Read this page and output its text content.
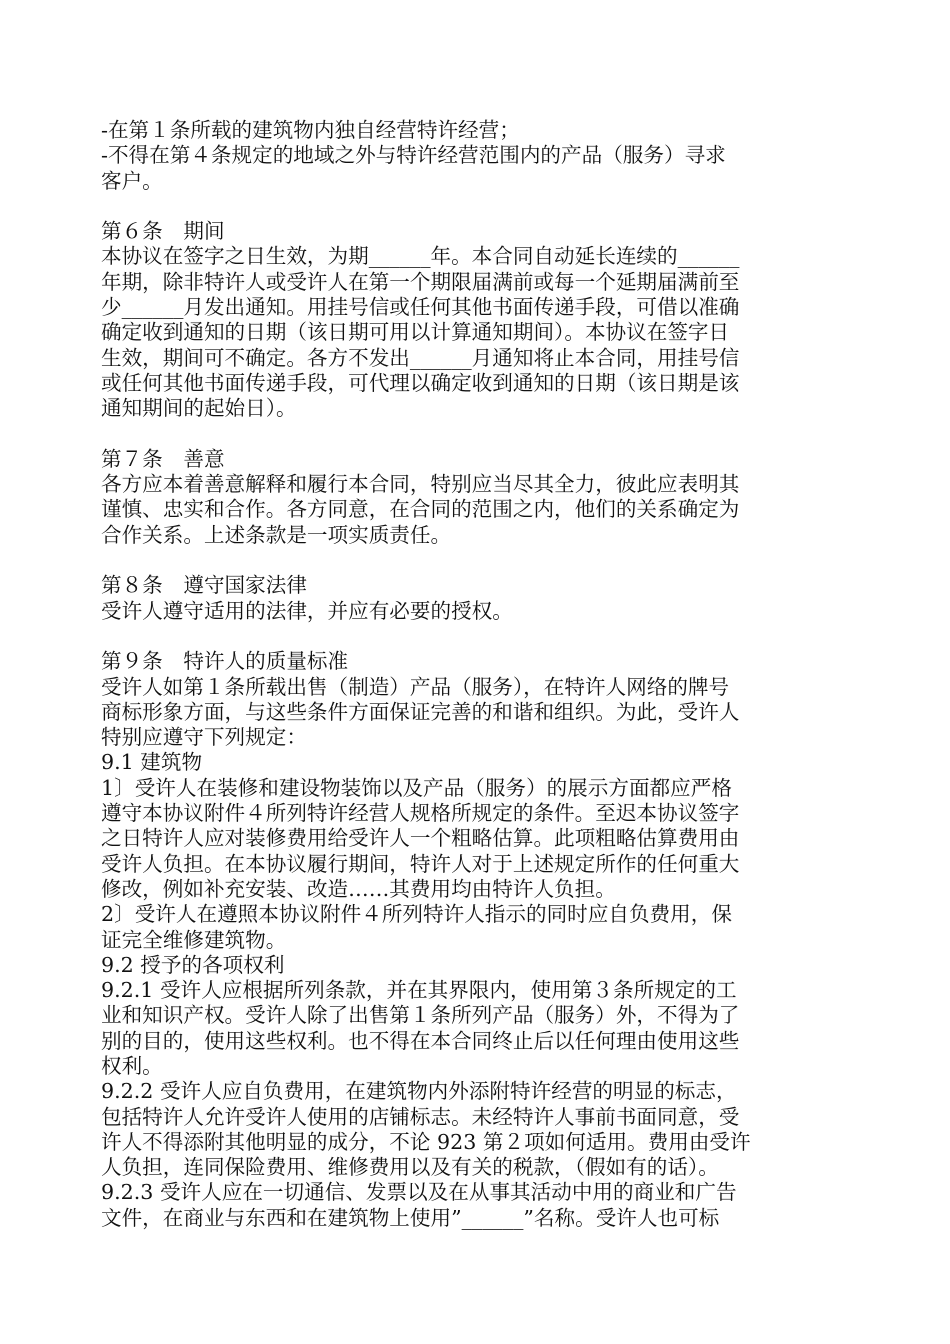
-在第１条所载的建筑物内独自经营特许经营；
-不得在第４条规定的地域之外与特许经营范围内的产品（服务）寻求
客户。
第６条　期间
本协议在签字之日生效，为期______年。本合同自动延长连续的______
年期，除非特许人或受许人在第一个期限届满前或每一个延期届满前至
少______月发出通知。用挂号信或任何其他书面传递手段，可借以准确
确定收到通知的日期（该日期可用以计算通知期间）。本协议在签字日
生效，期间可不确定。各方不发出______月通知将止本合同，用挂号信
或任何其他书面传递手段，可代理以确定收到通知的日期（该日期是该
通知期间的起始日）。
第７条　善意
各方应本着善意解释和履行本合同，特别应当尽其全力，彼此应表明其
谨慎、忠实和合作。各方同意，在合同的范围之内，他们的关系确定为
合作关系。上述条款是一项实质责任。
第８条　遵守国家法律
受许人遵守适用的法律，并应有必要的授权。
第９条　特许人的质量标准
受许人如第１条所载出售（制造）产品（服务），在特许人网络的牌号
商标形象方面，与这些条件方面保证完善的和谐和组织。为此，受许人
特别应遵守下列规定：
9.1 建筑物
1〕受许人在装修和建设物装饰以及产品（服务）的展示方面都应严格
遵守本协议附件４所列特许经营人规格所规定的条件。至迟本协议签字
之日特许人应对装修费用给受许人一个粗略估算。此项粗略估算费用由
受许人负担。在本协议履行期间，特许人对于上述规定所作的任何重大
修改，例如补充安装、改造……其费用均由特许人负担。
2〕受许人在遵照本协议附件４所列特许人指示的同时应自负费用，保
证完全维修建筑物。
9.2 授予的各项权利
9.2.1 受许人应根据所列条款，并在其界限内，使用第３条所规定的工
业和知识产权。受许人除了出售第１条所列产品（服务）外，不得为了
别的目的，使用这些权利。也不得在本合同终止后以任何理由使用这些
权利。
9.2.2 受许人应自负费用，在建筑物内外添附特许经营的明显的标志，
包括特许人允许受许人使用的店铺标志。未经特许人事前书面同意，受
许人不得添附其他明显的成分，不论 923 第２项如何适用。费用由受许
人负担，连同保险费用、维修费用以及有关的税款，（假如有的话）。
9.2.3 受许人应在一切通信、发票以及在从事其活动中用的商业和广告
文件，在商业与东西和在建筑物上使用”______”名称。受许人也可标
